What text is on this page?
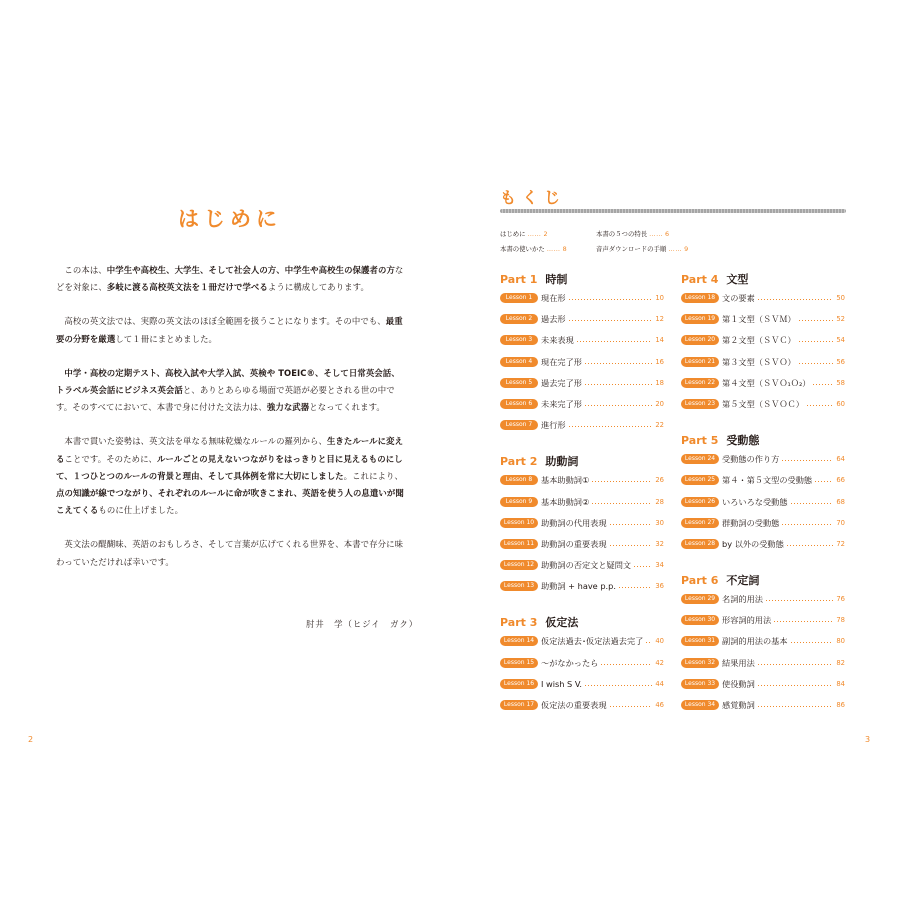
はじめに

この本は、中学生や高校生、大学生、そして社会人の方、中学生や高校生の保護者の方などを対象に、多岐に渡る高校英文法を１冊だけで学べるように構成してあります。

高校の英文法では、実際の英文法のほぼ全範囲を扱うことになります。その中でも、最重要の分野を厳選して１冊にまとめました。

中学・高校の定期テスト、高校入試や大学入試、英検や TOEIC®、そして日常英会話、トラベル英会話にビジネス英会話と、ありとあらゆる場面で英語が必要とされる世の中です。そのすべてにおいて、本書で身に付けた文法力は、強力な武器となってくれます。

本書で貫いた姿勢は、英文法を単なる無味乾燥なルールの羅列から、生きたルールに変えることです。そのために、ルールごとの見えないつながりをはっきりと目に見えるものにして、１つひとつのルールの背景と理由、そして具体例を常に大切にしました。これにより、点の知識が線でつながり、それぞれのルールに命が吹きこまれ、英語を使う人の息遣いが聞こえてくるものに仕上げました。

英文法の醍醐味、英語のおもしろさ、そして言葉が広げてくれる世界を、本書で存分に味わっていただければ幸いです。

肘井　学（ヒジイ　ガク）
2
もくじ
はじめに …… 2	本書の５つの特長 …… 6
本書の使いかた …… 8	音声ダウンロードの手順 …… 9
Part 1 時制
Lesson 1	現在形	10
Lesson 2	過去形	12
Lesson 3	未来表現	14
Lesson 4	現在完了形	16
Lesson 5	過去完了形	18
Lesson 6	未来完了形	20
Lesson 7	進行形	22
Part 2 助動詞
Lesson 8	基本助動詞①	26
Lesson 9	基本助動詞②	28
Lesson 10 助動詞の代用表現	30
Lesson 11 助動詞の重要表現	32
Lesson 12 助動詞の否定文と疑問文	34
Lesson 13 助動詞 + have p.p.	36
Part 3 仮定法
Lesson 14 仮定法過去･仮定法過去完了 40
Lesson 15 ～がなかったら	42
Lesson 16 I wish S V.	44
Lesson 17 仮定法の重要表現	46
Part 4 文型
Lesson 18 文の要素	50
Lesson 19 第１文型（ＳＶＭ）	52
Lesson 20 第２文型（ＳＶＣ）	54
Lesson 21 第３文型（ＳＶＯ）	56
Lesson 22 第４文型（ＳＶＯ₁Ｏ₂）	58
Lesson 23 第５文型（ＳＶＯＣ）	60
Part 5 受動態
Lesson 24 受動態の作り方	64
Lesson 25 第４・第５文型の受動態	66
Lesson 26 いろいろな受動態	68
Lesson 27 群動詞の受動態	70
Lesson 28 by 以外の受動態	72
Part 6 不定詞
Lesson 29 名詞的用法	76
Lesson 30 形容詞的用法	78
Lesson 31 副詞的用法の基本	80
Lesson 32 結果用法	82
Lesson 33 使役動詞	84
Lesson 34 感覚動詞	86
3
